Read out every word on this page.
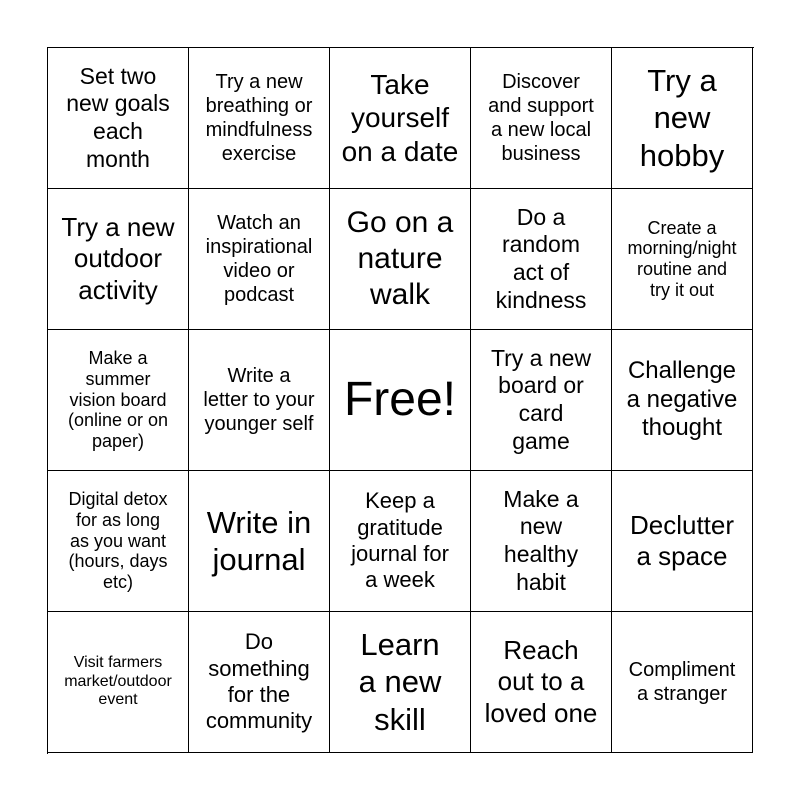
Set two
new goals
each
month
Try a new
breathing or
mindfulness
exercise
Take
yourself
on a date
Discover
and support
a new local
business
Try a
new
hobby
Try a new
outdoor
activity
Watch an
inspirational
video or
podcast
Go on a
nature
walk
Do a
random
act of
kindness
Create a
morning/night
routine and
try it out
Make a
summer
vision board
(online or on
paper)
Write a
letter to your
younger self Free!
Try a new
board or
card
game
Challenge
a negative
thought
Digital detox
for as long
as you want
(hours, days
etc)
Write in
journal
Keep a
gratitude
journal for
a week
Make a
new
healthy
habit
Declutter
a space
Visit farmers
market/outdoor
event
Do
something
for the
community
Learn
a new
skill
Reach
out to a
loved one
Compliment
a stranger
